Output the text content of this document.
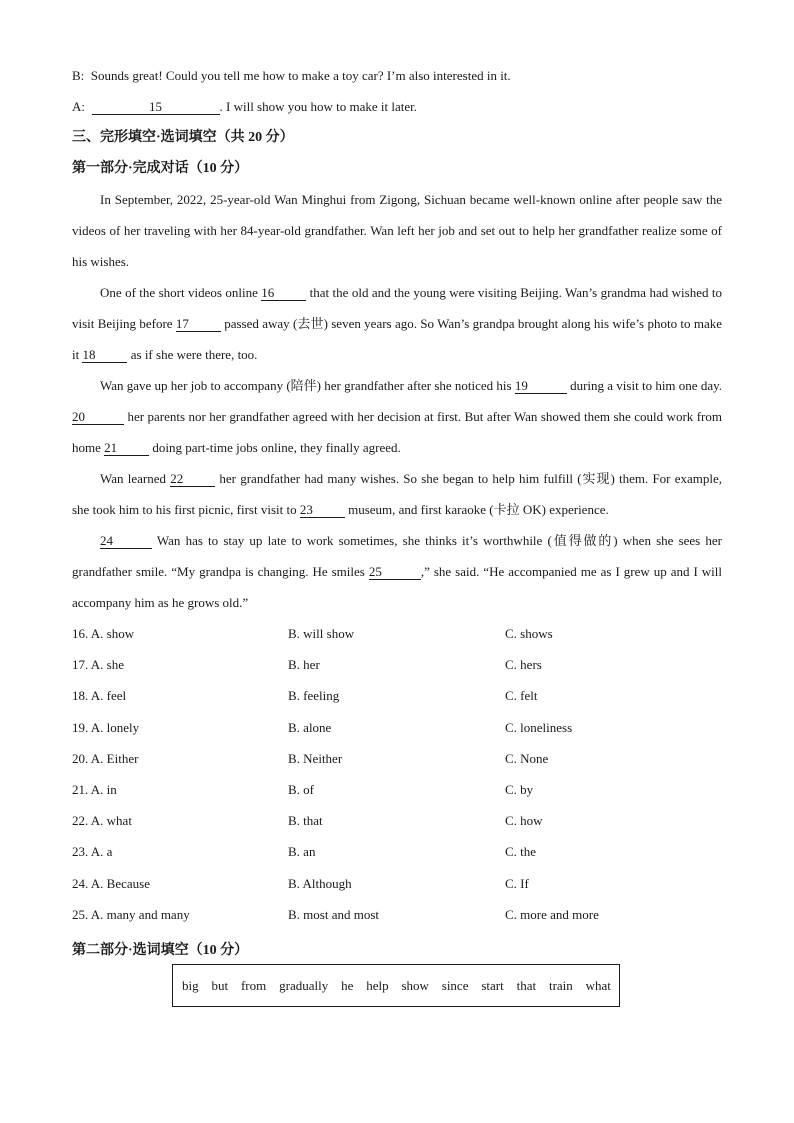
B: Sounds great! Could you tell me how to make a toy car? I’m also interested in it.
A:	15	. I will show you how to make it later.
三、完形填空·选词填空（共 20 分）
第一部分·完成对话（10 分）
In September, 2022, 25-year-old Wan Minghui from Zigong, Sichuan became well-known online after people saw the videos of her traveling with her 84-year-old grandfather. Wan left her job and set out to help her grandfather realize some of his wishes.
One of the short videos online 16 that the old and the young were visiting Beijing. Wan’s grandma had wished to visit Beijing before 17 passed away (去世) seven years ago. So Wan’s grandpa brought along his wife’s photo to make it 18 as if she were there, too.
Wan gave up her job to accompany (陪伴) her grandfather after she noticed his 19	during a visit to him one day. 20	her parents nor her grandfather agreed with her decision at first. But after Wan showed them she could work from home 21 doing part-time jobs online, they finally agreed.
Wan learned 22 her grandfather had many wishes. So she began to help him fulfill (实现) them. For example, she took him to his first picnic, first visit to 23 museum, and first karaoke (卡拉 OK) experience.
24	Wan has to stay up late to work sometimes, she thinks it’s worthwhile (值得做的) when she sees her grandfather smile. “My grandpa is changing. He smiles 25	,” she said. “He accompanied me as I grew up and I will accompany him as he grows old.”
16. A. show	B. will show	C. shows
17. A. she	B. her	C. hers
18. A. feel	B. feeling	C. felt
19. A. lonely	B. alone	C. loneliness
20. A. Either	B. Neither	C. None
21. A. in	B. of	C. by
22. A. what	B. that	C. how
23. A. a	B. an	C. the
24. A. Because	B. Although	C. If
25. A. many and many	B. most and most	C. more and more
第二部分·选词填空（10 分）
big but from gradually he help show since start that train what
